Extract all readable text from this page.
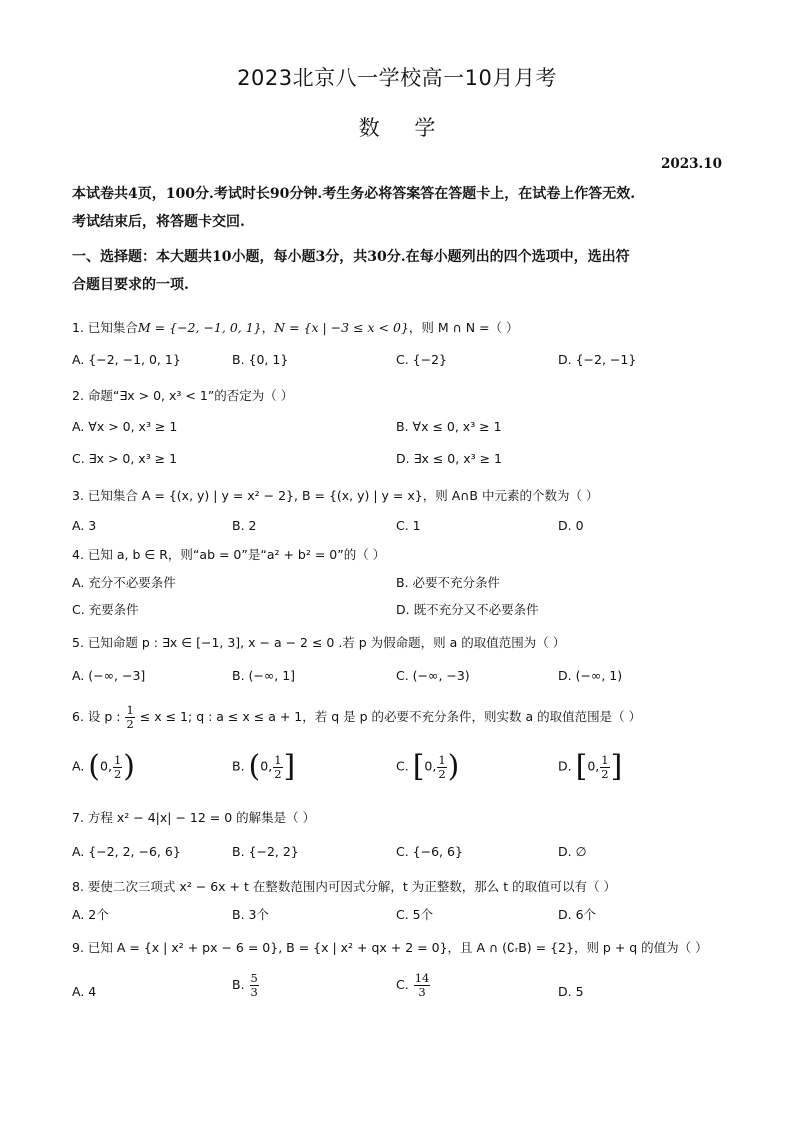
2023北京八一学校高一10月月考
数 学
2023.10
本试卷共4页，100分.考试时长90分钟.考生务必将答案答在答题卡上，在试卷上作答无效.
考试结束后，将答题卡交回.
一、选择题：本大题共10小题，每小题3分，共30分.在每小题列出的四个选项中，选出符
合题目要求的一项.
1. 已知集合M = {−2, −1, 0, 1}，N = {x | −3 ≤ x < 0}，则 M ∩ N =（ ）
A. {−2, −1, 0, 1}	B. {0, 1}	C. {−2}	D. {−2, −1}
2. 命题“∃x > 0, x³ < 1”的否定为（ ）
A. ∀x > 0, x³ ≥ 1	B. ∀x ≤ 0, x³ ≥ 1
C. ∃x > 0, x³ ≥ 1	D. ∃x ≤ 0, x³ ≥ 1
3. 已知集合 A = {(x, y) | y = x² − 2}, B = {(x, y) | y = x}，则 A∩B 中元素的个数为（ ）
A. 3	B. 2	C. 1	D. 0
4. 已知 a, b ∈ R，则“ab = 0”是“a² + b² = 0”的（ ）
A. 充分不必要条件	B. 必要不充分条件
C. 充要条件	D. 既不充分又不必要条件
5. 已知命题 p : ∃x ∈ [−1, 3], x − a − 2 ≤ 0 .若 p 为假命题，则 a 的取值范围为（ ）
A. (−∞, −3]	B. (−∞, 1]	C. (−∞, −3)	D. (−∞, 1)
6. 设 p : $\frac{1}{2} \le x \le 1$; q : a ≤ x ≤ a + 1，若 q 是 p 的必要不充分条件，则实数 a 的取值范围是（ ）
A. (0, $\frac{1}{2}$ )	B. (0, $\frac{1}{2}$ ]	C. [0, $\frac{1}{2}$ )	D. [0, $\frac{1}{2}$ ]
7. 方程 x² − 4|x| − 12 = 0 的解集是（ ）
A. {−2, 2, −6, 6}	B. {−2, 2}	C. {−6, 6}	D. ∅
8. 要使二次三项式 x² − 6x + t 在整数范围内可因式分解，t 为正整数，那么 t 的取值可以有（ ）
A. 2个	B. 3个	C. 5个	D. 6个
9. 已知 A = {x | x² + px − 6 = 0}, B = {x | x² + qx + 2 = 0}，且 A ∩ (∁ᵣB) = {2}，则 p + q 的值为（ ）
A. 4	B. $\frac{5}{3}$	C. $\frac{14}{3}$	D. 5
